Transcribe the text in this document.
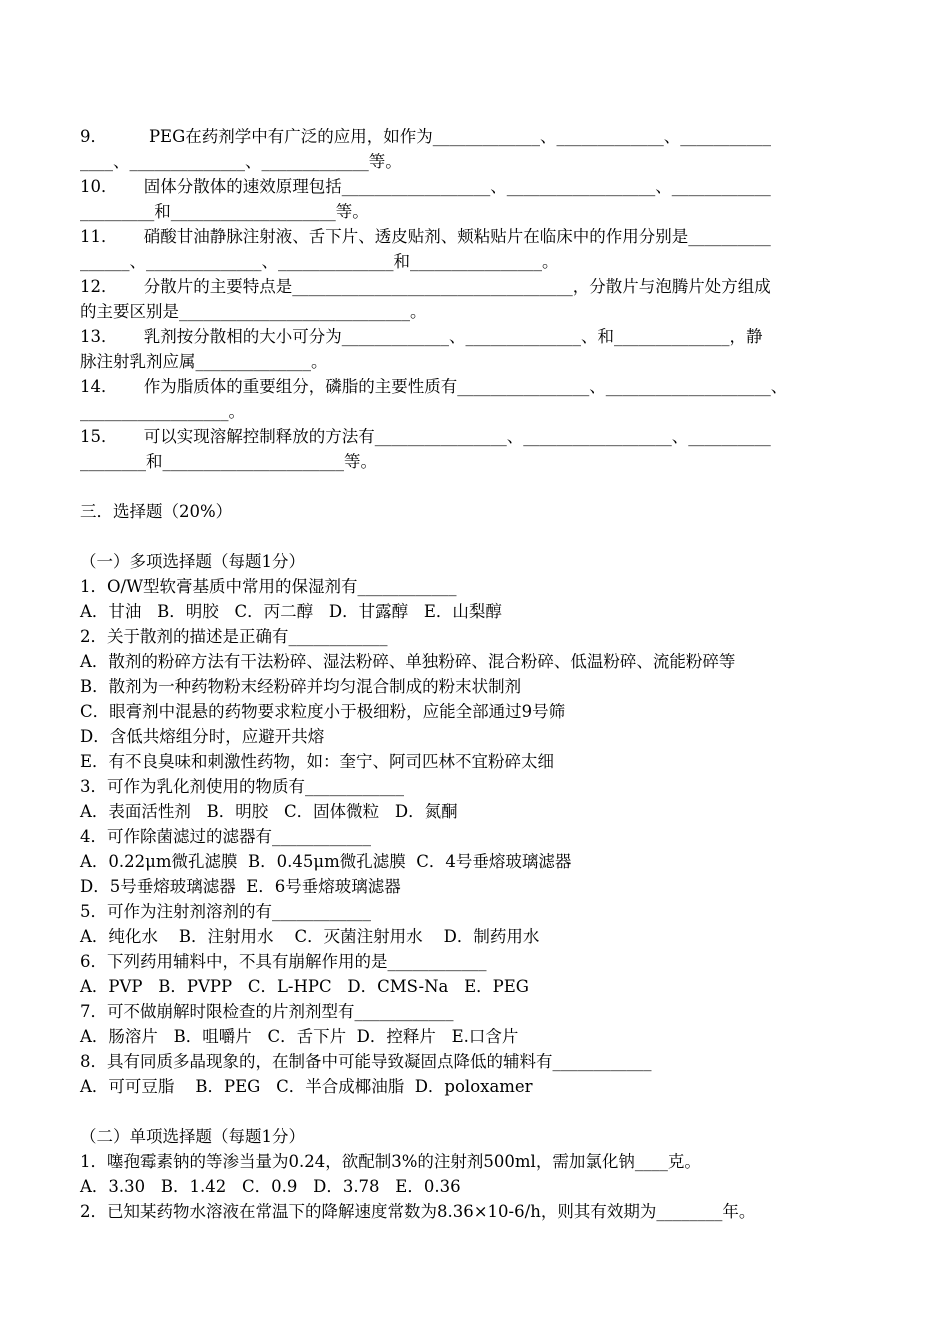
9．        PEG在药剂学中有广泛的应用，如作为_____________、_____________、___________
____、______________、_____________等。
10．     固体分散体的速效原理包括__________________、__________________、____________
_________和____________________等。
11．     硝酸甘油静脉注射液、舌下片、透皮贴剂、颊粘贴片在临床中的作用分别是__________
______、______________、______________和________________。
12．     分散片的主要特点是__________________________________，分散片与泡腾片处方组成
的主要区别是____________________________。
13．     乳剂按分散相的大小可分为_____________、______________、和______________，静
脉注射乳剂应属______________。
14．     作为脂质体的重要组分，磷脂的主要性质有________________、____________________、
__________________。
15．     可以实现溶解控制释放的方法有________________、__________________、__________
________和______________________等。
三．选择题（20%）
（一）多项选择题（每题1分）
1．O/W型软膏基质中常用的保湿剂有____________
A．甘油   B．明胶   C．丙二醇   D．甘露醇   E．山梨醇
2．关于散剂的描述是正确有____________
A．散剂的粉碎方法有干法粉碎、湿法粉碎、单独粉碎、混合粉碎、低温粉碎、流能粉碎等
B．散剂为一种药物粉末经粉碎并均匀混合制成的粉末状制剂
C．眼膏剂中混悬的药物要求粒度小于极细粉，应能全部通过9号筛
D．含低共熔组分时，应避开共熔
E．有不良臭味和刺激性药物，如：奎宁、阿司匹林不宜粉碎太细
3．可作为乳化剂使用的物质有____________
A．表面活性剂   B．明胶   C．固体微粒   D．氮酮
4．可作除菌滤过的滤器有____________
A．0.22μm微孔滤膜  B．0.45μm微孔滤膜  C．4号垂熔玻璃滤器
D．5号垂熔玻璃滤器  E．6号垂熔玻璃滤器
5．可作为注射剂溶剂的有____________
A．纯化水    B．注射用水    C．灭菌注射用水    D．制药用水
6．下列药用辅料中，不具有崩解作用的是____________
A．PVP   B．PVPP   C．L-HPC   D．CMS-Na   E．PEG
7．可不做崩解时限检查的片剂剂型有____________
A．肠溶片   B．咀嚼片   C．舌下片  D．控释片   E.口含片
8．具有同质多晶现象的，在制备中可能导致凝固点降低的辅料有____________
A．可可豆脂    B．PEG   C．半合成椰油脂  D．poloxamer
（二）单项选择题（每题1分）
1．噻孢霉素钠的等渗当量为0.24，欲配制3%的注射剂500ml，需加氯化钠____克。
A．3.30   B．1.42   C．0.9   D．3.78   E．0.36
2．已知某药物水溶液在常温下的降解速度常数为8.36×10-6/h，则其有效期为________年。
